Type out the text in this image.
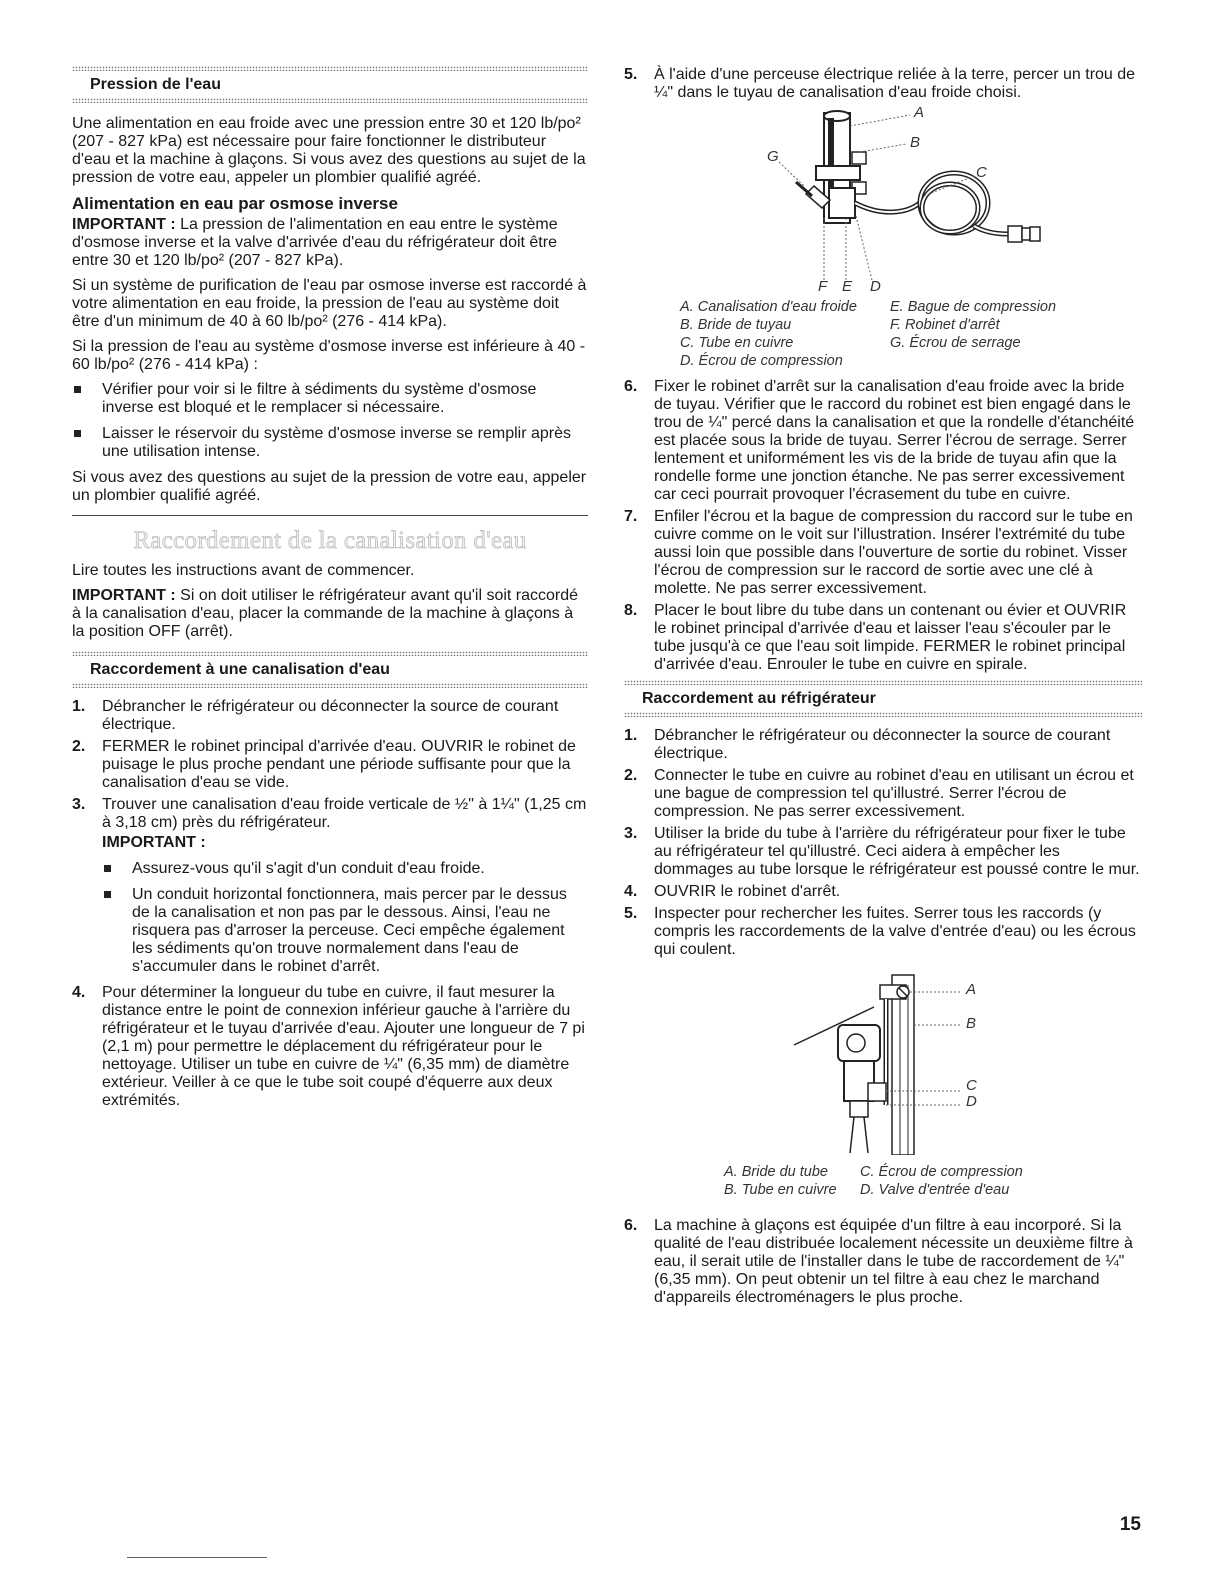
Pression de l'eau

Une alimentation en eau froide avec une pression entre 30 et 120 lb/po² (207 - 827 kPa) est nécessaire pour faire fonctionner le distributeur d'eau et la machine à glaçons. Si vous avez des questions au sujet de la pression de votre eau, appeler un plombier qualifié agréé.

Alimentation en eau par osmose inverse

IMPORTANT : La pression de l'alimentation en eau entre le système d'osmose inverse et la valve d'arrivée d'eau du réfrigérateur doit être entre 30 et 120 lb/po² (207 - 827 kPa).

Si un système de purification de l'eau par osmose inverse est raccordé à votre alimentation en eau froide, la pression de l'eau au système doit être d'un minimum de 40 à 60 lb/po² (276 - 414 kPa).

Si la pression de l'eau au système d'osmose inverse est inférieure à 40 - 60 lb/po² (276 - 414 kPa) :

Vérifier pour voir si le filtre à sédiments du système d'osmose inverse est bloqué et le remplacer si nécessaire.
Laisser le réservoir du système d'osmose inverse se remplir après une utilisation intense.

Si vous avez des questions au sujet de la pression de votre eau, appeler un plombier qualifié agréé.

Raccordement de la canalisation d'eau

Lire toutes les instructions avant de commencer.

IMPORTANT : Si on doit utiliser le réfrigérateur avant qu'il soit raccordé à la canalisation d'eau, placer la commande de la machine à glaçons à la position OFF (arrêt).

Raccordement à une canalisation d'eau
1. Débrancher le réfrigérateur ou déconnecter la source de courant électrique.
2. FERMER le robinet principal d'arrivée d'eau. OUVRIR le robinet de puisage le plus proche pendant une période suffisante pour que la canalisation d'eau se vide.
3. Trouver une canalisation d'eau froide verticale de ½" à 1¼" (1,25 cm à 3,18 cm) près du réfrigérateur.
IMPORTANT :
Assurez-vous qu'il s'agit d'un conduit d'eau froide.
Un conduit horizontal fonctionnera, mais percer par le dessus de la canalisation et non pas par le dessous. Ainsi, l'eau ne risquera pas d'arroser la perceuse. Ceci empêche également les sédiments qu'on trouve normalement dans l'eau de s'accumuler dans le robinet d'arrêt.
4. Pour déterminer la longueur du tube en cuivre, il faut mesurer la distance entre le point de connexion inférieur gauche à l'arrière du réfrigérateur et le tuyau d'arrivée d'eau. Ajouter une longueur de 7 pi (2,1 m) pour permettre le déplacement du réfrigérateur pour le nettoyage. Utiliser un tube en cuivre de ¼" (6,35 mm) de diamètre extérieur. Veiller à ce que le tube soit coupé d'équerre aux deux extrémités.
5. À l'aide d'une perceuse électrique reliée à la terre, percer un trou de ¼" dans le tuyau de canalisation d'eau froide choisi.
A
B
C
G
F E D
A. Canalisation d'eau froide
B. Bride de tuyau
C. Tube en cuivre
D. Écrou de compression
E. Bague de compression
F. Robinet d'arrêt
G. Écrou de serrage
6. Fixer le robinet d'arrêt sur la canalisation d'eau froide avec la bride de tuyau. Vérifier que le raccord du robinet est bien engagé dans le trou de ¼" percé dans la canalisation et que la rondelle d'étanchéité est placée sous la bride de tuyau. Serrer l'écrou de serrage. Serrer lentement et uniformément les vis de la bride de tuyau afin que la rondelle forme une jonction étanche. Ne pas serrer excessivement car ceci pourrait provoquer l'écrasement du tube en cuivre.
7. Enfiler l'écrou et la bague de compression du raccord sur le tube en cuivre comme on le voit sur l'illustration. Insérer l'extrémité du tube aussi loin que possible dans l'ouverture de sortie du robinet. Visser l'écrou de compression sur le raccord de sortie avec une clé à molette. Ne pas serrer excessivement.
8. Placer le bout libre du tube dans un contenant ou évier et OUVRIR le robinet principal d'arrivée d'eau et laisser l'eau s'écouler par le tube jusqu'à ce que l'eau soit limpide. FERMER le robinet principal d'arrivée d'eau. Enrouler le tube en cuivre en spirale.
Raccordement au réfrigérateur
1. Débrancher le réfrigérateur ou déconnecter la source de courant électrique.
2. Connecter le tube en cuivre au robinet d'eau en utilisant un écrou et une bague de compression tel qu'illustré. Serrer l'écrou de compression. Ne pas serrer excessivement.
3. Utiliser la bride du tube à l'arrière du réfrigérateur pour fixer le tube au réfrigérateur tel qu'illustré. Ceci aidera à empêcher les dommages au tube lorsque le réfrigérateur est poussé contre le mur.
4. OUVRIR le robinet d'arrêt.
5. Inspecter pour rechercher les fuites. Serrer tous les raccords (y compris les raccordements de la valve d'entrée d'eau) ou les écrous qui coulent.
A
B
C
D
A. Bride du tube
B. Tube en cuivre
C. Écrou de compression
D. Valve d'entrée d'eau
6. La machine à glaçons est équipée d'un filtre à eau incorporé. Si la qualité de l'eau distribuée localement nécessite un deuxième filtre à eau, il serait utile de l'installer dans le tube de raccordement de ¼" (6,35 mm). On peut obtenir un tel filtre à eau chez le marchand d'appareils électroménagers le plus proche.
15
